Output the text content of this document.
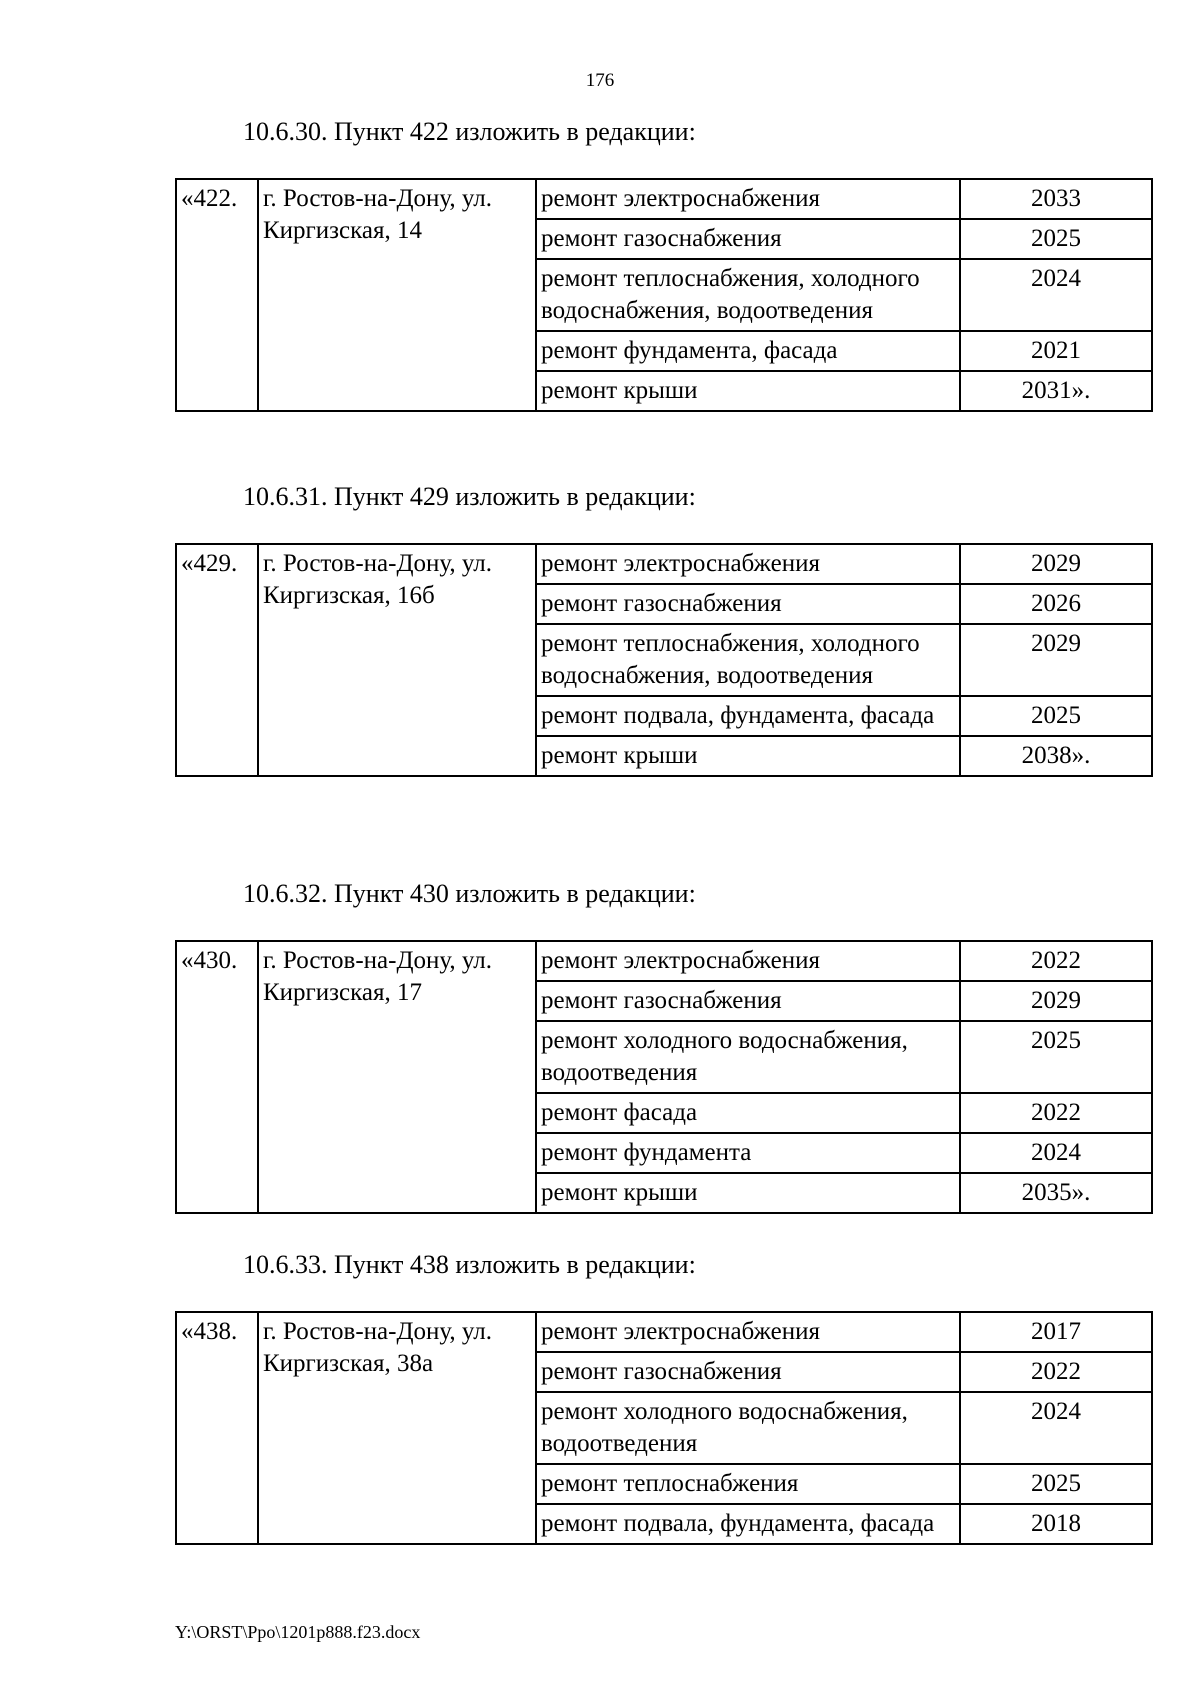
176
10.6.30. Пункт 422 изложить в редакции:
«422.	г. Ростов-на-Дону, ул. Киргизская, 14	ремонт электроснабжения	2033
		ремонт газоснабжения	2025
		ремонт теплоснабжения, холодного водоснабжения, водоотведения	2024
		ремонт фундамента, фасада	2021
		ремонт крыши	2031».
10.6.31. Пункт 429 изложить в редакции:
«429.	г. Ростов-на-Дону, ул. Киргизская, 16б	ремонт электроснабжения	2029
		ремонт газоснабжения	2026
		ремонт теплоснабжения, холодного водоснабжения, водоотведения	2029
		ремонт подвала, фундамента, фасада	2025
		ремонт крыши	2038».
10.6.32. Пункт 430 изложить в редакции:
«430.	г. Ростов-на-Дону, ул. Киргизская, 17	ремонт электроснабжения	2022
		ремонт газоснабжения	2029
		ремонт холодного водоснабжения, водоотведения	2025
		ремонт фасада	2022
		ремонт фундамента	2024
		ремонт крыши	2035».
10.6.33. Пункт 438 изложить в редакции:
«438.	г. Ростов-на-Дону, ул. Киргизская, 38а	ремонт электроснабжения	2017
		ремонт газоснабжения	2022
		ремонт холодного водоснабжения, водоотведения	2024
		ремонт теплоснабжения	2025
		ремонт подвала, фундамента, фасада	2018
Y:\ORST\Ppo\1201p888.f23.docx
